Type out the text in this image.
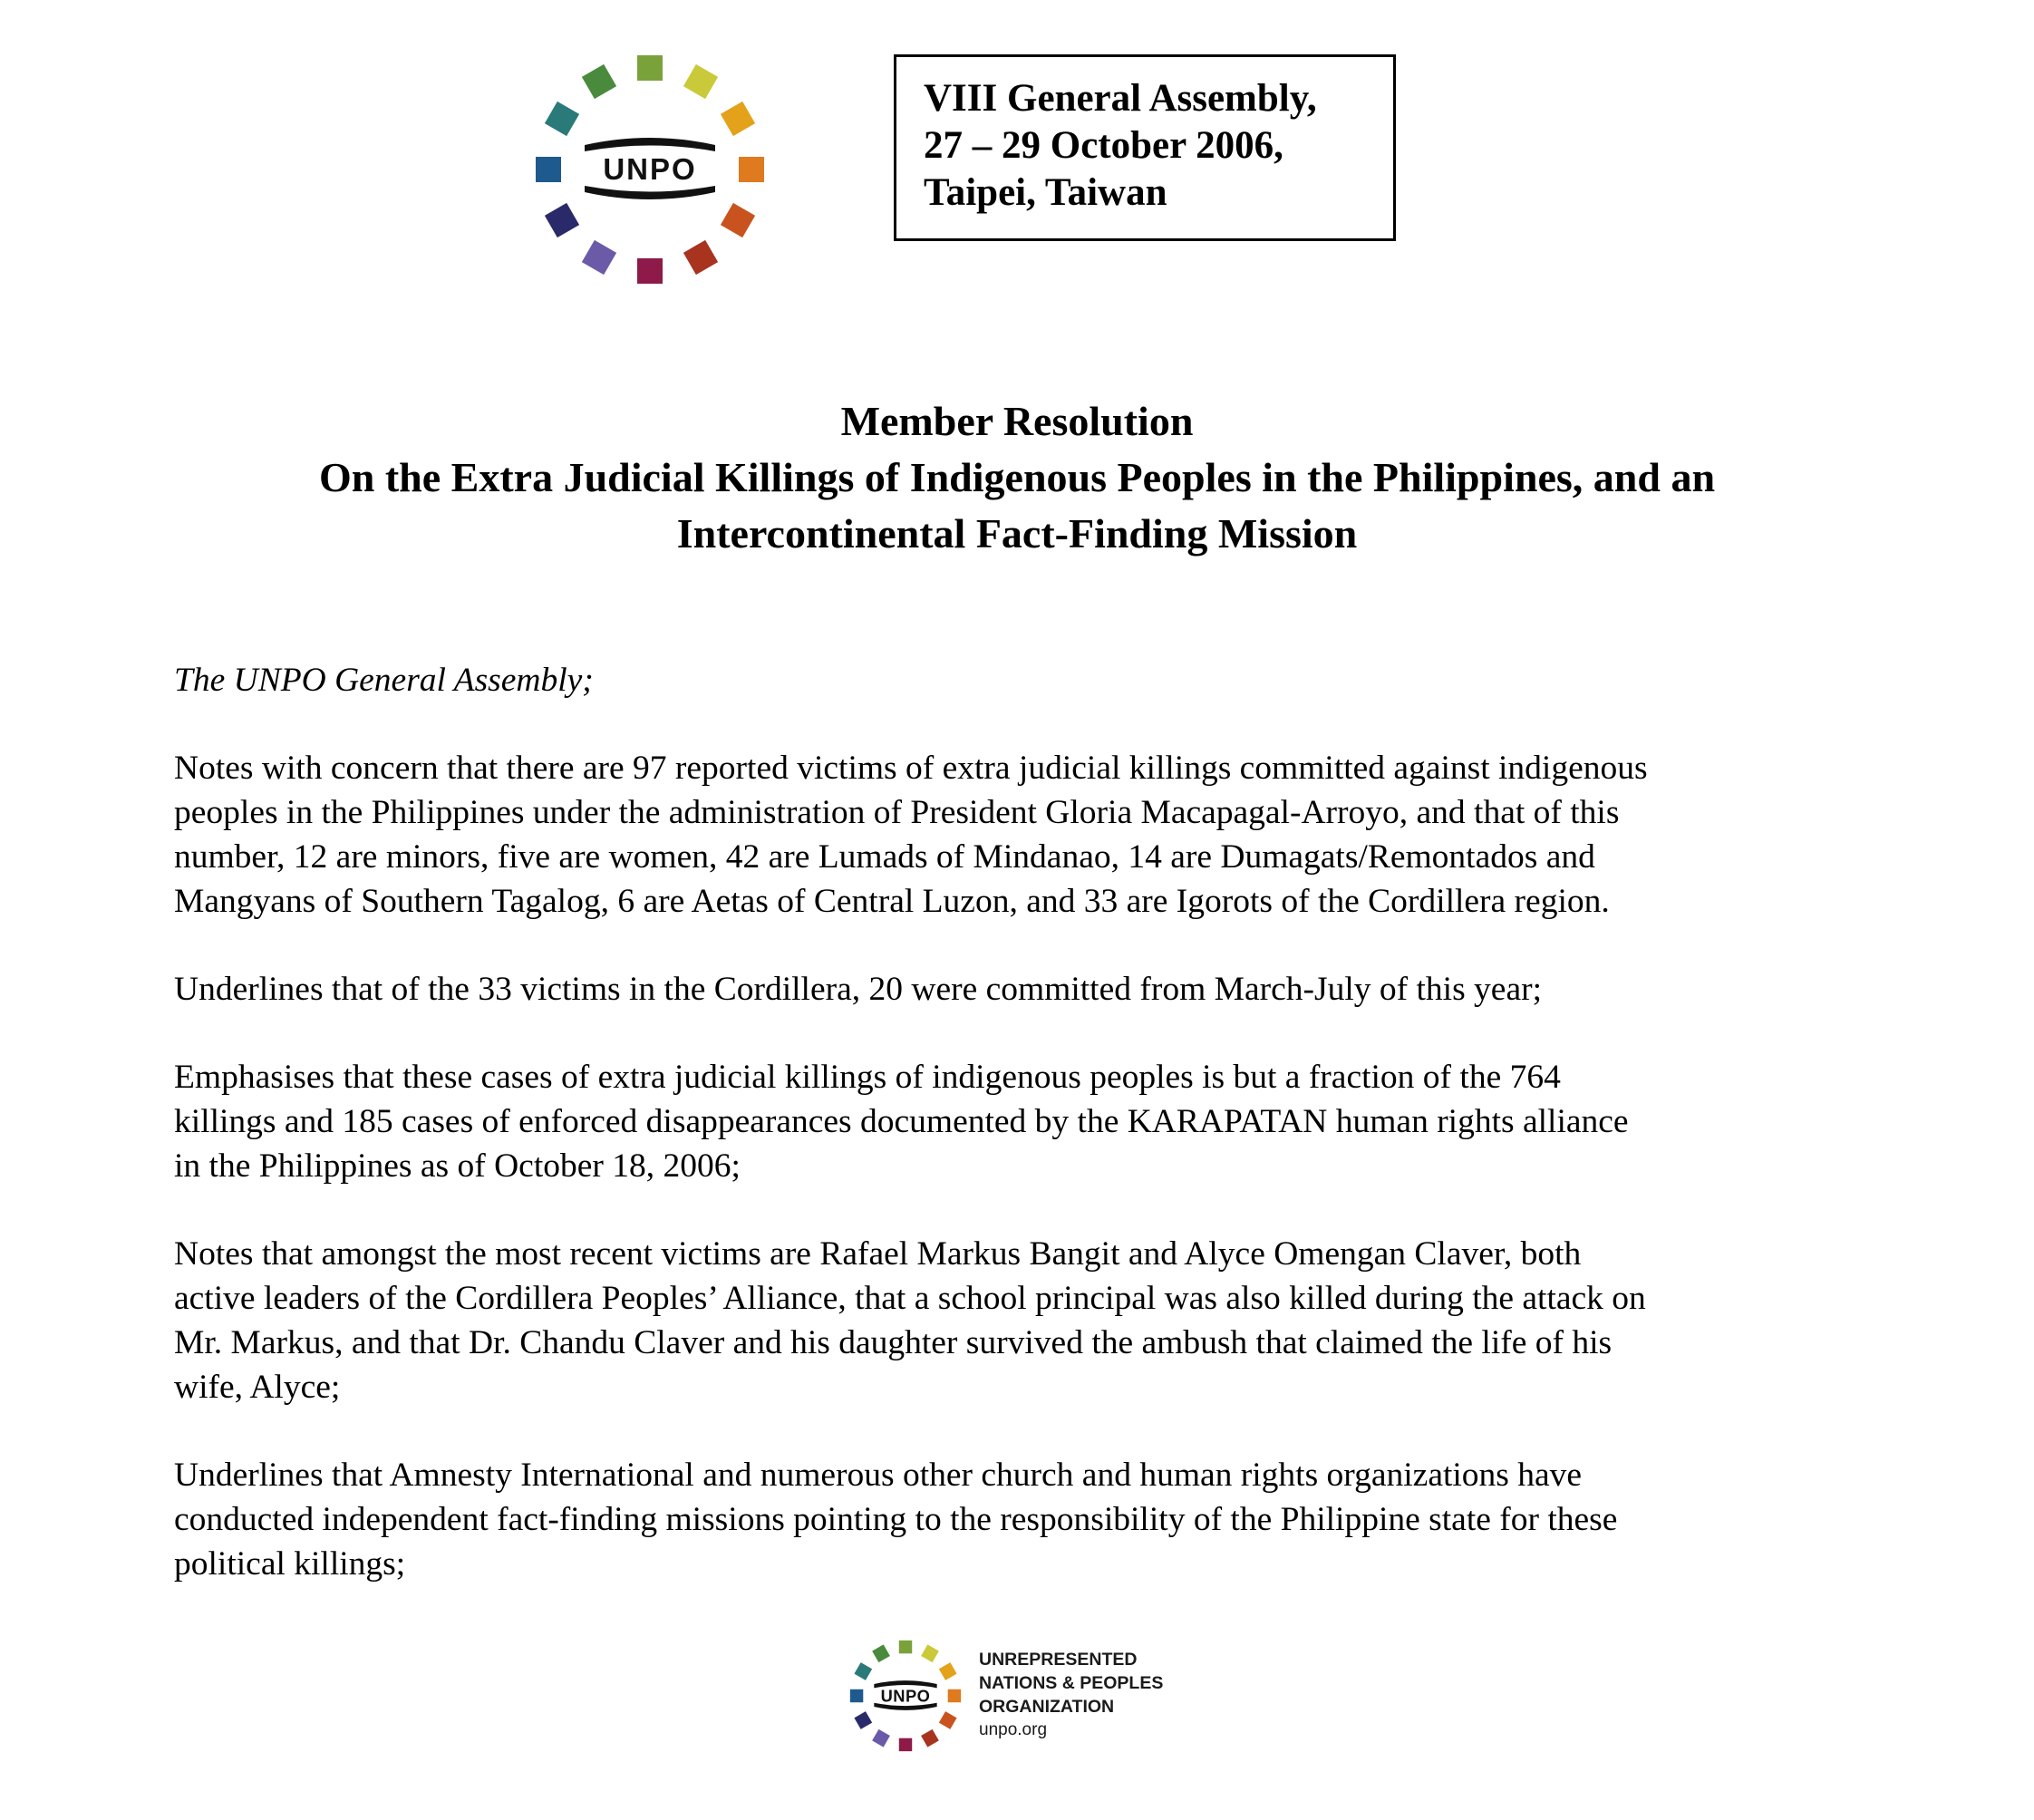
UNPO
VIII General Assembly,
27 – 29 October 2006,
Taipei, Taiwan
Member Resolution
On the Extra Judicial Killings of Indigenous Peoples in the Philippines, and an
Intercontinental Fact-Finding Mission

The UNPO General Assembly;

Notes with concern that there are 97 reported victims of extra judicial killings committed against indigenous
peoples in the Philippines under the administration of President Gloria Macapagal-Arroyo, and that of this
number, 12 are minors, five are women, 42 are Lumads of Mindanao, 14 are Dumagats/Remontados and
Mangyans of Southern Tagalog, 6 are Aetas of Central Luzon, and 33 are Igorots of the Cordillera region.

Underlines that of the 33 victims in the Cordillera, 20 were committed from March-July of this year;

Emphasises that these cases of extra judicial killings of indigenous peoples is but a fraction of the 764
killings and 185 cases of enforced disappearances documented by the KARAPATAN human rights alliance
in the Philippines as of October 18, 2006;

Notes that amongst the most recent victims are Rafael Markus Bangit and Alyce Omengan Claver, both
active leaders of the Cordillera Peoples’ Alliance, that a school principal was also killed during the attack on
Mr. Markus, and that Dr. Chandu Claver and his daughter survived the ambush that claimed the life of his
wife, Alyce;

Underlines that Amnesty International and numerous other church and human rights organizations have
conducted independent fact-finding missions pointing to the responsibility of the Philippine state for these
political killings;

UNPO
UNREPRESENTED
NATIONS & PEOPLES
ORGANIZATION
unpo.org
